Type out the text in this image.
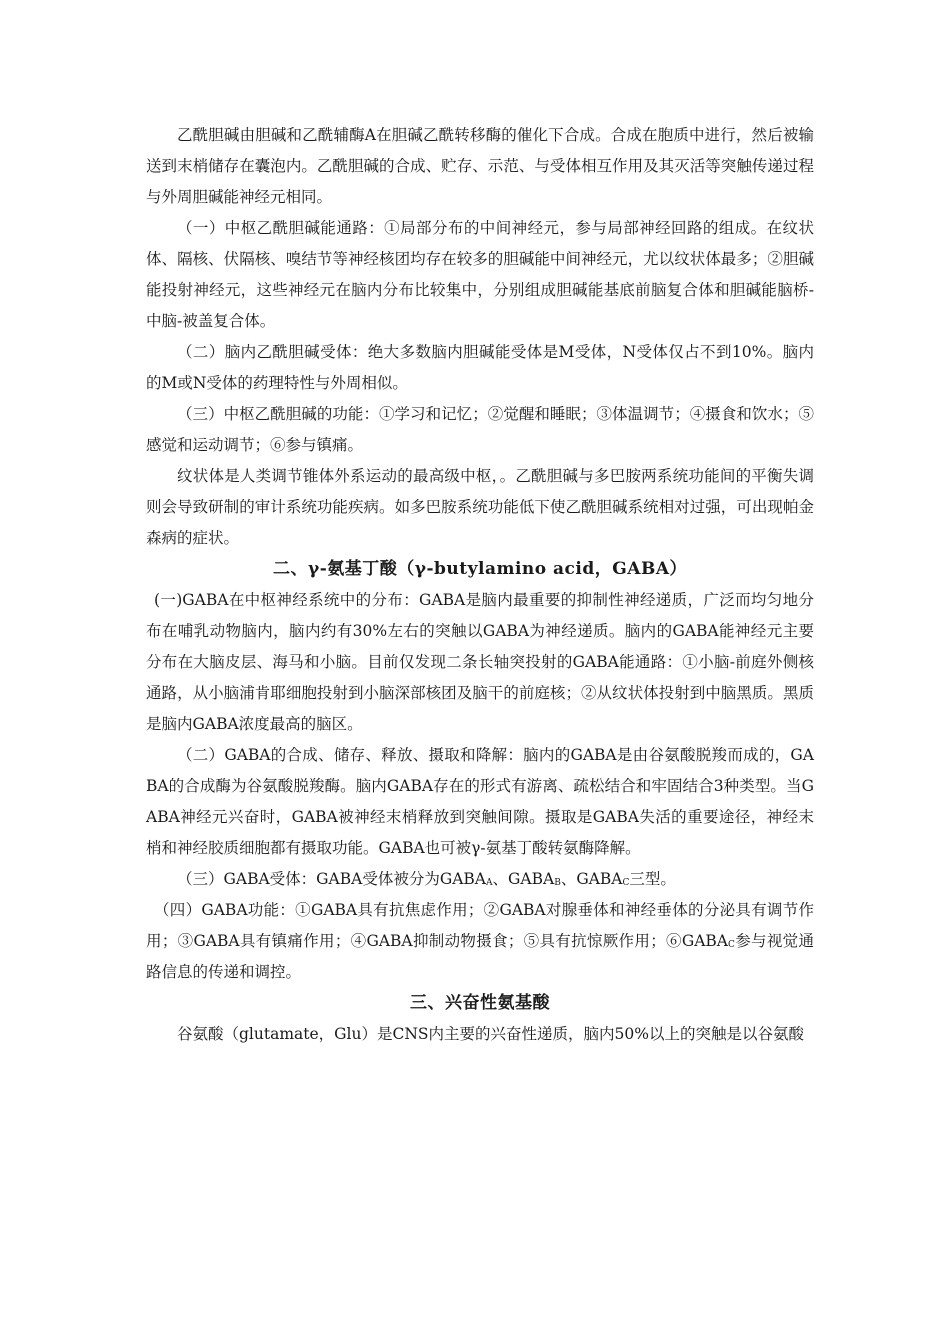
乙酰胆碱由胆碱和乙酰辅酶A在胆碱乙酰转移酶的催化下合成。合成在胞质中进行，然后被输送到末梢储存在囊泡内。乙酰胆碱的合成、贮存、示范、与受体相互作用及其灭活等突触传递过程与外周胆碱能神经元相同。

（一）中枢乙酰胆碱能通路：①局部分布的中间神经元，参与局部神经回路的组成。在纹状体、隔核、伏隔核、嗅结节等神经核团均存在较多的胆碱能中间神经元，尤以纹状体最多；②胆碱能投射神经元，这些神经元在脑内分布比较集中，分别组成胆碱能基底前脑复合体和胆碱能脑桥-中脑-被盖复合体。

（二）脑内乙酰胆碱受体：绝大多数脑内胆碱能受体是M受体，N受体仅占不到10%。脑内的M或N受体的药理特性与外周相似。

（三）中枢乙酰胆碱的功能：①学习和记忆；②觉醒和睡眠；③体温调节；④摄食和饮水；⑤感觉和运动调节；⑥参与镇痛。

纹状体是人类调节锥体外系运动的最高级中枢，。乙酰胆碱与多巴胺两系统功能间的平衡失调则会导致研制的审计系统功能疾病。如多巴胺系统功能低下使乙酰胆碱系统相对过强，可出现帕金森病的症状。

二、γ-氨基丁酸（γ-butylamino acid，GABA）

(一)GABA在中枢神经系统中的分布：GABA是脑内最重要的抑制性神经递质，广泛而均匀地分布在哺乳动物脑内，脑内约有30%左右的突触以GABA为神经递质。脑内的GABA能神经元主要分布在大脑皮层、海马和小脑。目前仅发现二条长轴突投射的GABA能通路：①小脑-前庭外侧核通路，从小脑浦肯耶细胞投射到小脑深部核团及脑干的前庭核；②从纹状体投射到中脑黑质。黑质是脑内GABA浓度最高的脑区。

（二）GABA的合成、储存、释放、摄取和降解：脑内的GABA是由谷氨酸脱羧而成的，GABA的合成酶为谷氨酸脱羧酶。脑内GABA存在的形式有游离、疏松结合和牢固结合3种类型。当GABA神经元兴奋时，GABA被神经末梢释放到突触间隙。摄取是GABA失活的重要途径，神经末梢和神经胶质细胞都有摄取功能。GABA也可被γ-氨基丁酸转氨酶降解。

（三）GABA受体：GABA受体被分为$GABA_A$、$GABA_B$、$GABA_C$三型。

（四）GABA功能：①GABA具有抗焦虑作用；②GABA对腺垂体和神经垂体的分泌具有调节作用；③GABA具有镇痛作用；④GABA抑制动物摄食；⑤具有抗惊厥作用；$⑥GABA_C$参与视觉通路信息的传递和调控。

三、兴奋性氨基酸

谷氨酸（glutamate，Glu）是CNS内主要的兴奋性递质，脑内50%以上的突触是以谷氨酸
